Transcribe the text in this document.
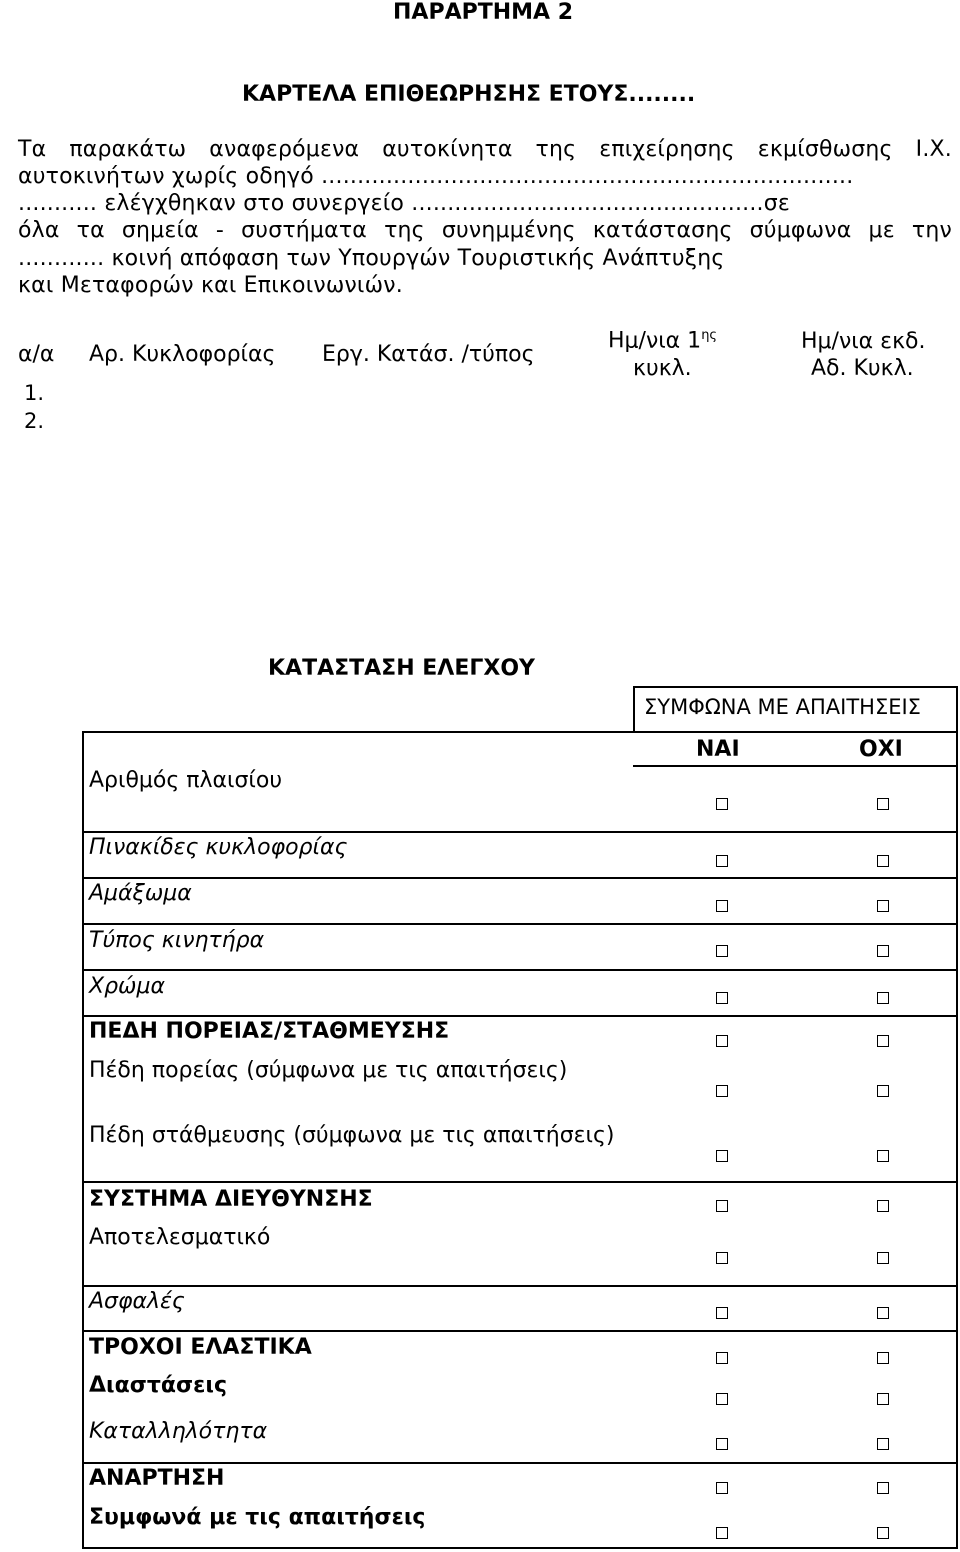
ΠΑΡΑΡΤΗΜΑ 2
ΚΑΡΤΕΛΑ ΕΠΙΘΕΩΡΗΣΗΣ ΕΤΟΥΣ........
Τα παρακάτω αναφερόμενα αυτοκίνητα της επιχείρησης εκμίσθωσης Ι.Χ.
αυτοκινήτων χωρίς οδηγό ..........................................................................
........... ελέγχθηκαν στο συνεργείο .................................................σε
όλα τα σημεία - συστήματα της συνημμένης κατάστασης σύμφωνα με την
............ κοινή απόφαση των Υπουργών Τουριστικής Ανάπτυξης
και Μεταφορών και Επικοινωνιών.
α/α Αρ. Κυκλοφορίας Εργ. Κατάσ. /τύπος
Ημ/νια $1^{\eta\varsigma}$
κυκλ.
Ημ/νια εκδ.
Αδ. Κυκλ.
1.
2.
ΚΑΤΑΣΤΑΣΗ ΕΛΕΓΧΟΥ
ΣΥΜΦΩΝΑ ΜΕ ΑΠΑΙΤΗΣΕΙΣ
ΝΑΙ	ΟΧΙ
Αριθμός πλαισίου
Πινακίδες κυκλοφορίας
Αμάξωμα
Τύπος κινητήρα
Χρώμα
ΠΕΔΗ ΠΟΡΕΙΑΣ/ΣΤΑΘΜΕΥΣΗΣ
Πέδη πορείας (σύμφωνα με τις απαιτήσεις)
Πέδη στάθμευσης (σύμφωνα με τις απαιτήσεις)
ΣΥΣΤΗΜΑ ΔΙΕΥΘΥΝΣΗΣ
Αποτελεσματικό
Ασφαλές
ΤΡΟΧΟΙ ΕΛΑΣΤΙΚΑ
Διαστάσεις
Καταλληλότητα
ΑΝΑΡΤΗΣΗ
Συμφωνά με τις απαιτήσεις
